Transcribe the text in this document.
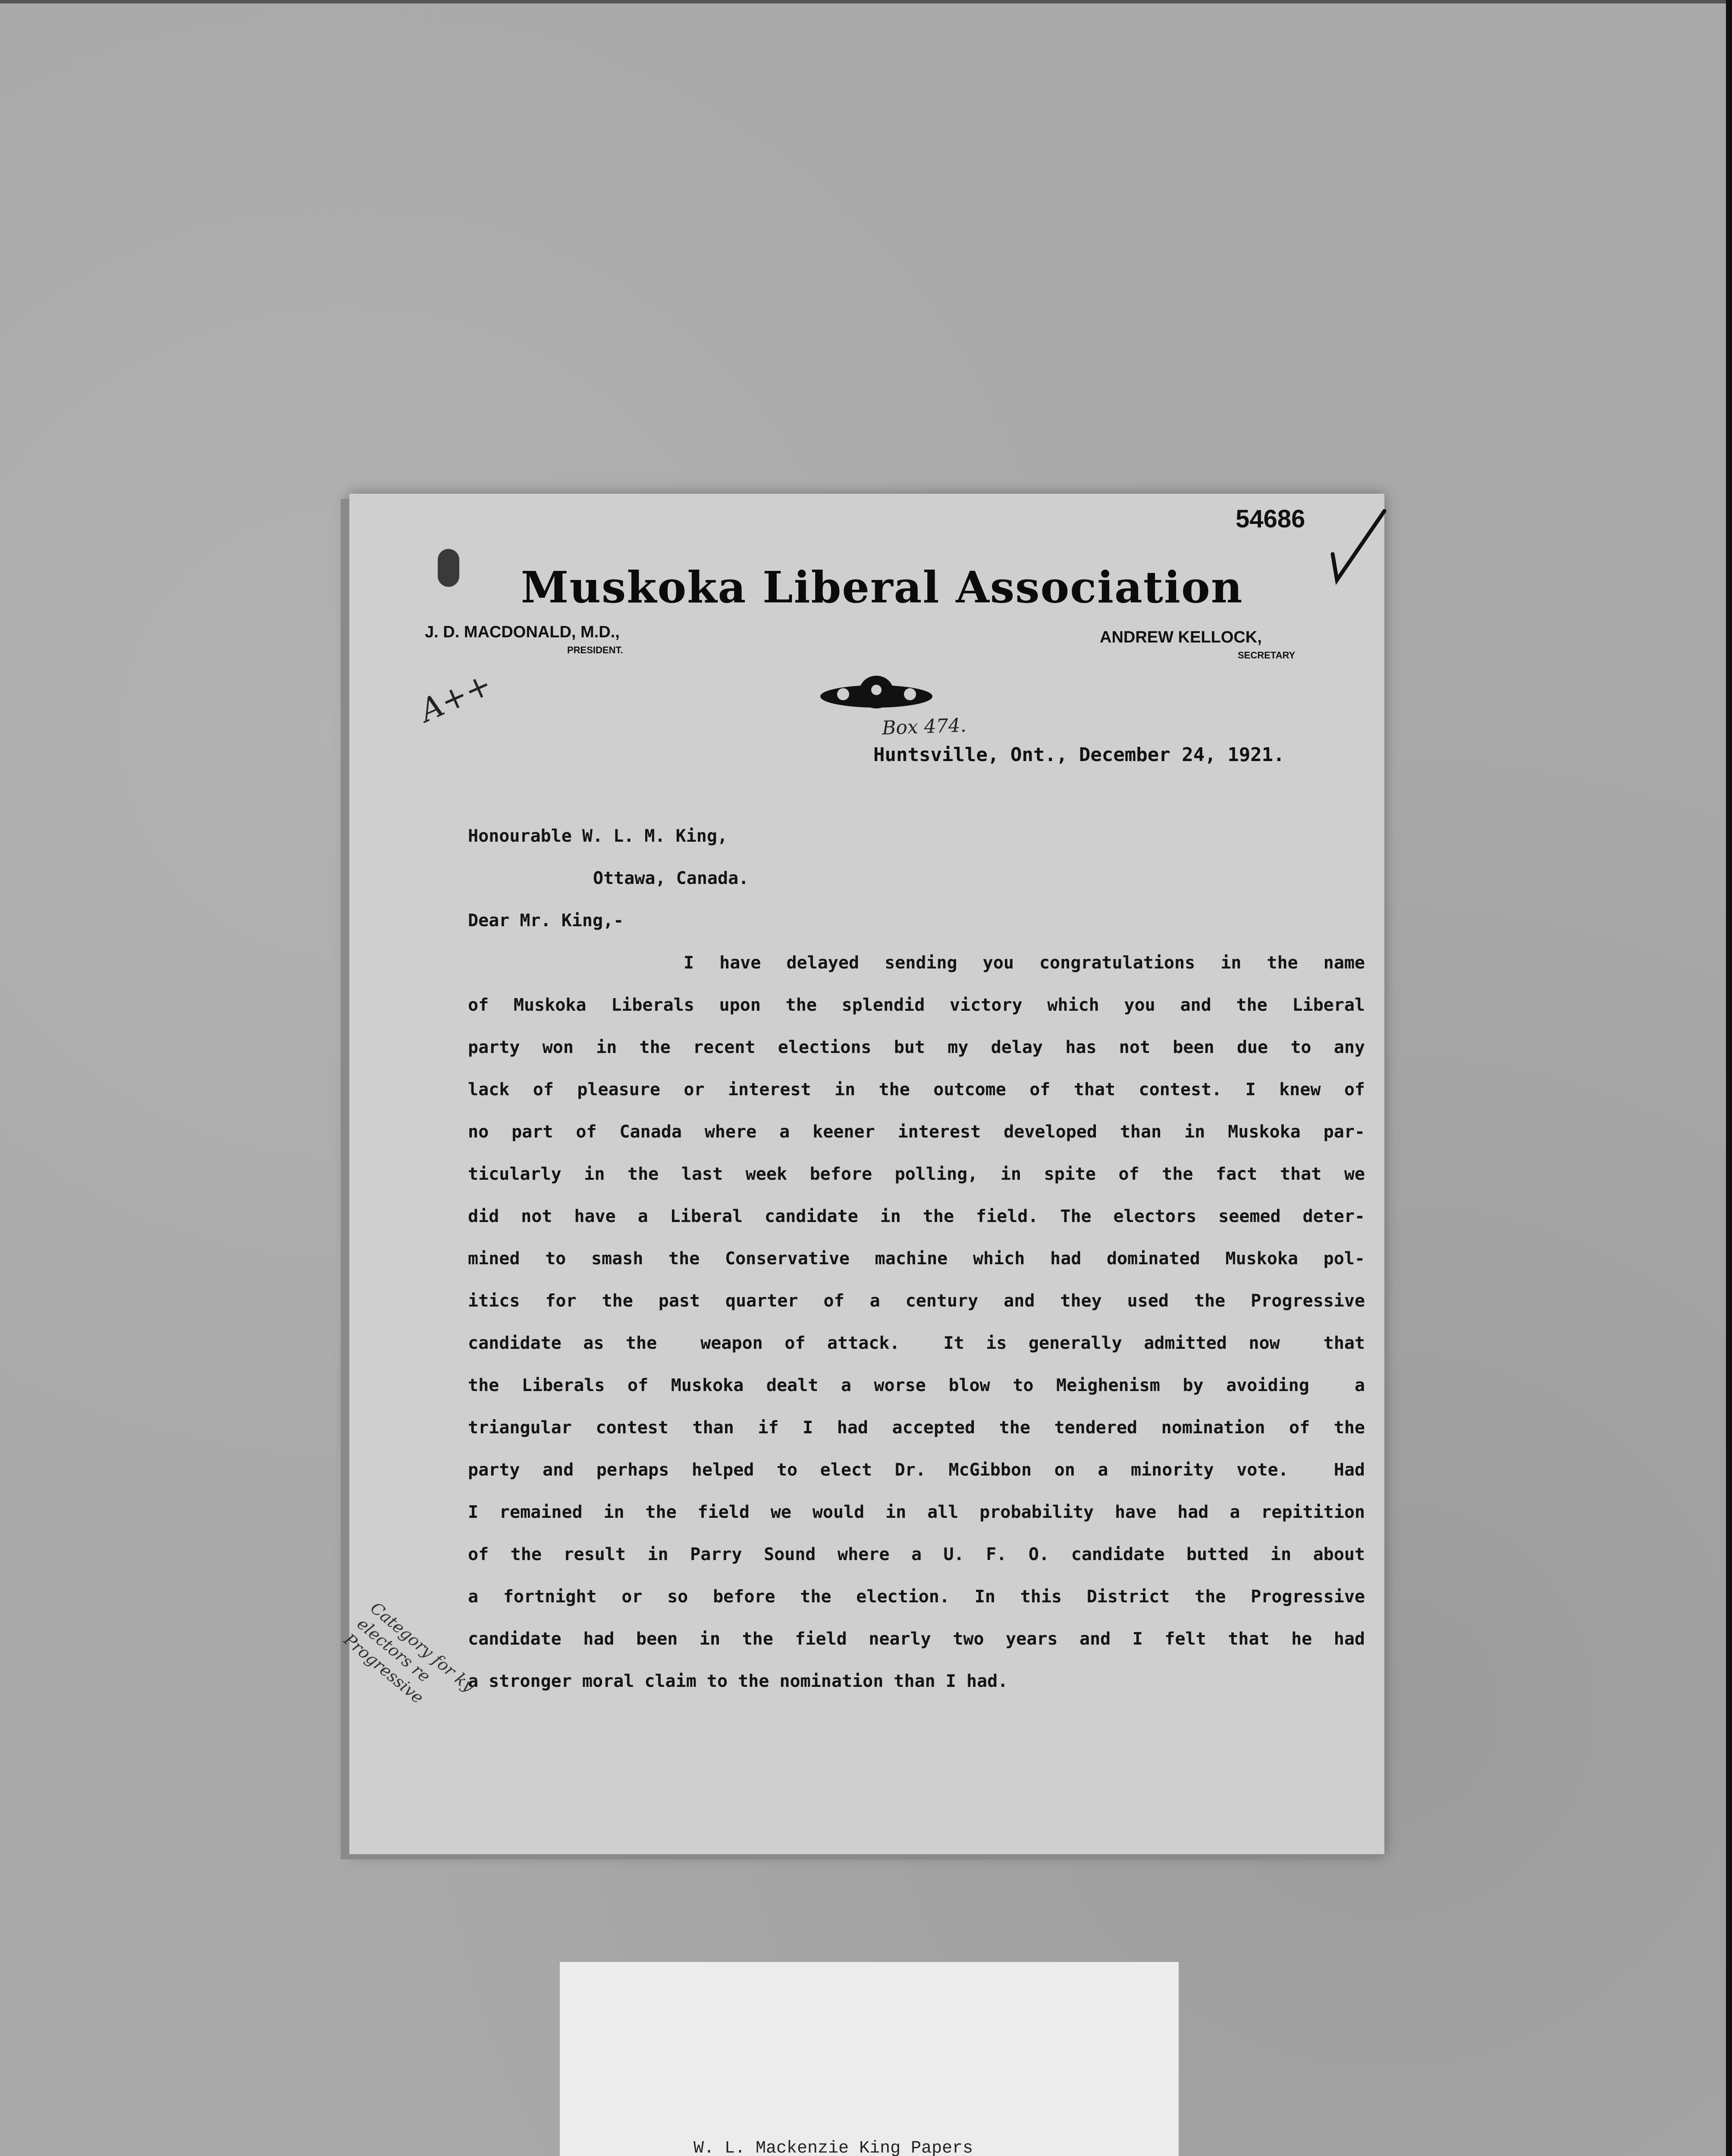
54686
Muskoka Liberal Association
J. D. MACDONALD, M.D.,
PRESIDENT.
ANDREW KELLOCK,
SECRETARY
Box 474.
Huntsville, Ont., December 24, 1921.
A++
Honourable W. L. M. King,
Ottawa, Canada.
Dear Mr. King,-
I have delayed sending you congratulations in the name
of Muskoka Liberals upon the splendid victory which you and the Liberal
party won in the recent elections but my delay has not been due to any
lack of pleasure or interest in the outcome of that contest. I knew of
no part of Canada where a keener interest developed than in Muskoka par-
ticularly in the last week before polling, in spite of the fact that we
did not have a Liberal candidate in the field. The electors seemed deter-
mined to smash the Conservative machine which had dominated Muskoka pol-
itics for the past quarter of a century and they used the Progressive
candidate as the  weapon of attack.  It is generally admitted now  that
the Liberals of Muskoka dealt a worse blow to Meighenism by avoiding  a
triangular contest than if I had accepted the tendered nomination of the
party and perhaps helped to elect Dr. McGibbon on a minority vote.  Had
I remained in the field we would in all probability have had a repitition
of the result in Parry Sound where a U. F. O. candidate butted in about
a fortnight or so before the election. In this District the Progressive
candidate had been in the field nearly two years and I felt that he had
a stronger moral claim to the nomination than I had.
Category for ky electors re Progressive
W. L. Mackenzie King Papers
